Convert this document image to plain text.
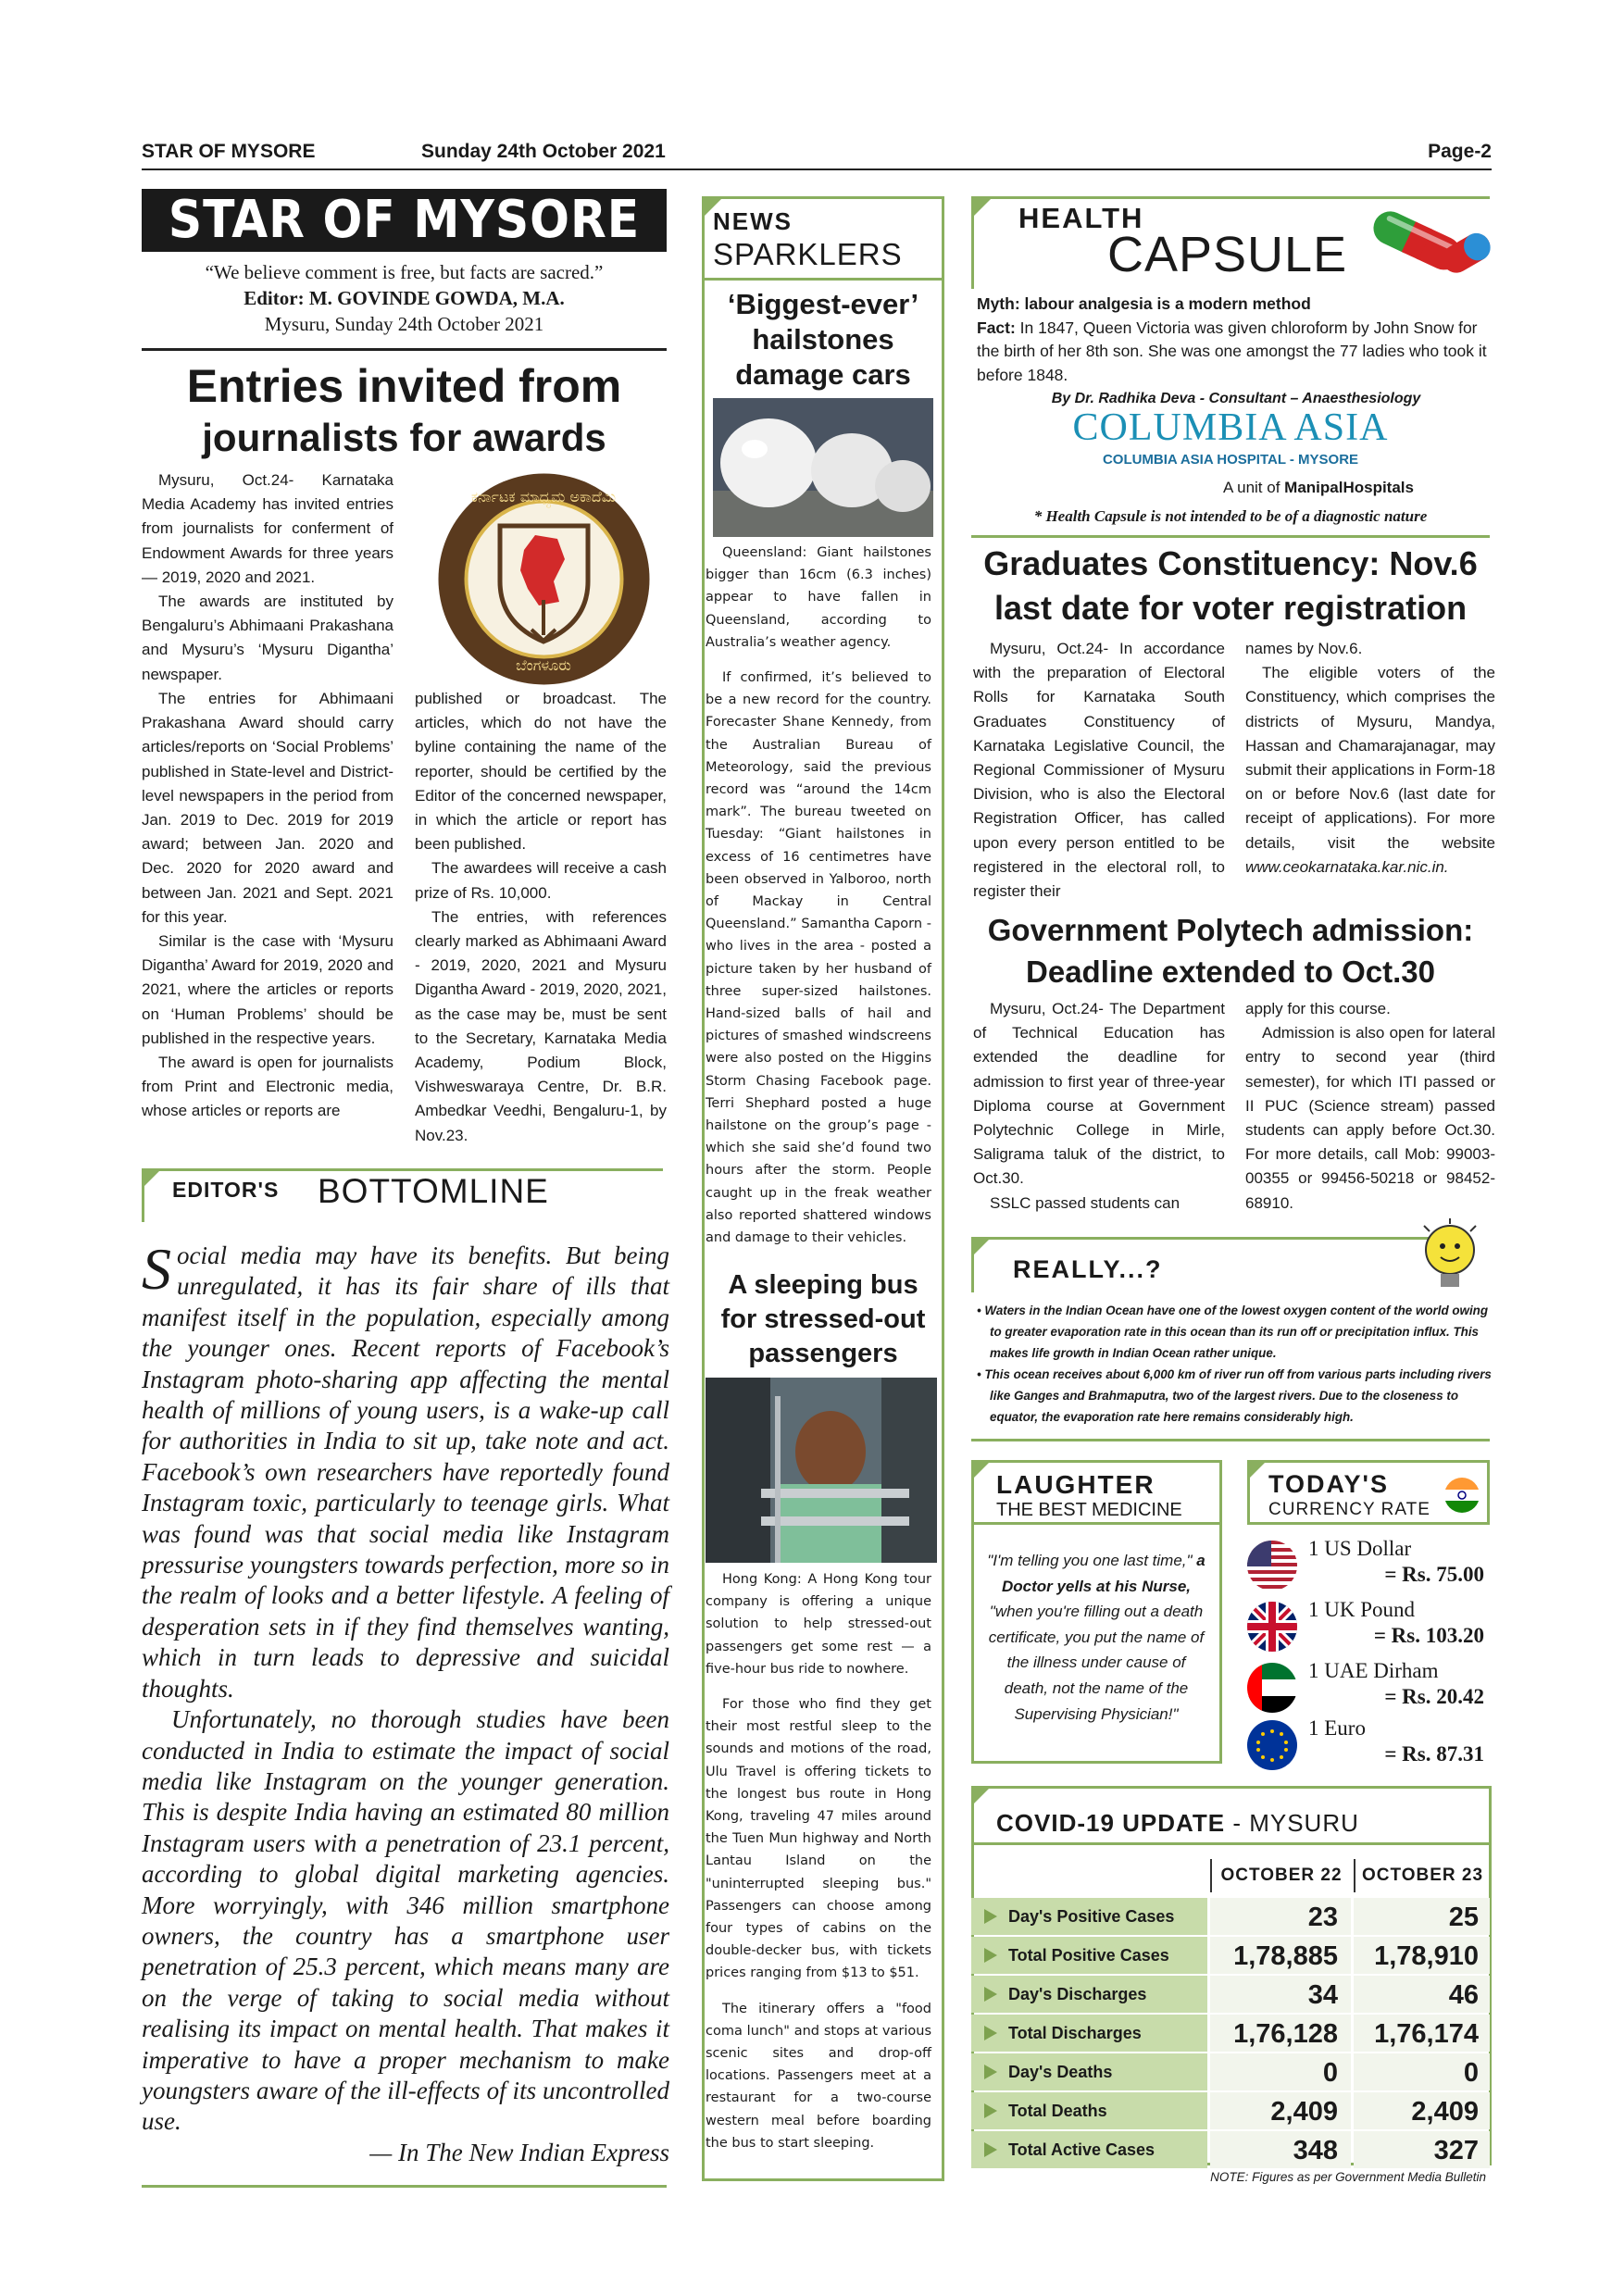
STAR OF MYSORE	Sunday 24th October 2021	Page-2
STAR OF MYSORE
“We believe comment is free, but facts are sacred.”
Editor: M. GOVINDE GOWDA, M.A.
Mysuru, Sunday 24th October 2021
Entries invited from
journalists for awards
ಕರ್ನಾಟಕ ಮಾಧ್ಯಮ ಅಕಾದೆಮಿ
ಬೆಂಗಳೂರು

Mysuru, Oct.24- Karnataka Media Academy has invited entries from journalists for conferment of Endowment Awards for three years — 2019, 2020 and 2021.

The awards are instituted by Bengaluru’s Abhimaani Prakashana and Mysuru’s ‘Mysuru Digantha’ newspaper.

The entries for Abhimaani Prakashana Award should carry articles/reports on ‘Social Problems’ published in State-level and District-level newspapers in the period from Jan. 2019 to Dec. 2019 for 2019 award; between Jan. 2020 and Dec. 2020 for 2020 award and between Jan. 2021 and Sept. 2021 for this year.

Similar is the case with ‘Mysuru Digantha’ Award for 2019, 2020 and 2021, where the articles or reports on ‘Human Problems’ should be published in the respective years.

The award is open for journalists from Print and Electronic media, whose articles or reports are

published or broadcast. The articles, which do not have the byline containing the name of the reporter, should be certified by the Editor of the concerned newspaper, in which the article or report has been published.

The awardees will receive a cash prize of Rs. 10,000.

The entries, with references clearly marked as Abhimaani Award - 2019, 2020, 2021 and Mysuru Digantha Award - 2019, 2020, 2021, as the case may be, must be sent to the Secretary, Karnataka Media Academy, Podium Block, Vishweswaraya Centre, Dr. B.R. Ambedkar Veedhi, Bengaluru-1, by Nov.23.

EDITOR'S BOTTOMLINE

Social media may have its benefits. But being unregulated, it has its fair share of ills that manifest itself in the population, especially among the younger ones. Recent reports of Facebook’s Instagram photo-sharing app affecting the mental health of millions of young users, is a wake-up call for authorities in India to sit up, take note and act. Facebook’s own researchers have reportedly found Instagram toxic, particularly to teenage girls. What was found was that social media like Instagram pressurise youngsters towards perfection, more so in the realm of looks and a better lifestyle. A feeling of desperation sets in if they find themselves wanting, which in turn leads to depressive and suicidal thoughts.

Unfortunately, no thorough studies have been conducted in India to estimate the impact of social media like Instagram on the younger generation. This is despite India having an estimated 80 million Instagram users with a penetration of 23.1 percent, according to global digital marketing agencies. More worryingly, with 346 million smartphone owners, the country has a smartphone user penetration of 25.3 percent, which means many are on the verge of taking to social media without realising its impact on mental health. That makes it imperative to have a proper mechanism to make youngsters aware of the ill-effects of its uncontrolled use.

— In The New Indian Express

NEWS
SPARKLERS
‘Biggest-ever’ hailstones damage cars

Queensland: Giant hailstones bigger than 16cm (6.3 inches) appear to have fallen in Queensland, according to Australia’s weather agency.

If confirmed, it’s believed to be a new record for the country. Forecaster Shane Kennedy, from the Australian Bureau of Meteorology, said the previous record was “around the 14cm mark”. The bureau tweeted on Tuesday: “Giant hailstones in excess of 16 centimetres have been observed in Yalboroo, north of Mackay in Central Queensland.” Samantha Caporn - who lives in the area - posted a picture taken by her husband of three super-sized hailstones. Hand-sized balls of hail and pictures of smashed windscreens were also posted on the Higgins Storm Chasing Facebook page. Terri Shephard posted a huge hailstone on the group’s page - which she said she’d found two hours after the storm. People caught up in the freak weather also reported shattered windows and damage to their vehicles.

A sleeping bus for stressed-out passengers

Hong Kong: A Hong Kong tour company is offering a unique solution to help stressed-out passengers get some rest — a five-hour bus ride to nowhere.

For those who find they get their most restful sleep to the sounds and motions of the road, Ulu Travel is offering tickets to the longest bus route in Hong Kong, traveling 47 miles around the Tuen Mun highway and North Lantau Island on the "uninterrupted sleeping bus." Passengers can choose among four types of cabins on the double-decker bus, with tickets prices ranging from $13 to $51.

The itinerary offers a "food coma lunch" and stops at various scenic sites and drop-off locations. Passengers meet at a restaurant for a two-course western meal before boarding the bus to start sleeping.

HEALTH
CAPSULE
Myth: labour analgesia is a modern method
Fact: In 1847, Queen Victoria was given chloroform by John Snow for the birth of her 8th son. She was one amongst the 77 ladies who took it before 1848.
By Dr. Radhika Deva - Consultant – Anaesthesiology
COLUMBIA ASIA
COLUMBIA ASIA HOSPITAL - MYSORE
A unit of ManipalHospitals
* Health Capsule is not intended to be of a diagnostic nature
Graduates Constituency: Nov.6
last date for voter registration

Mysuru, Oct.24- In accordance with the preparation of Electoral Rolls for Karnataka South Graduates Constituency of Karnataka Legislative Council, the Regional Commissioner of Mysuru Division, who is also the Electoral Registration Officer, has called upon every person entitled to be registered in the electoral roll, to register their

names by Nov.6.

The eligible voters of the Constituency, which comprises the districts of Mysuru, Mandya, Hassan and Chamarajanagar, may submit their applications in Form-18 on or before Nov.6 (last date for receipt of applications). For more details, visit the website www.ceokarnataka.kar.nic.in.

Government Polytech admission:
Deadline extended to Oct.30

Mysuru, Oct.24- The Department of Technical Education has extended the deadline for admission to first year of three-year Diploma course at Government Polytechnic College in Mirle, Saligrama taluk of the district, to Oct.30.

SSLC passed students can

apply for this course.

Admission is also open for lateral entry to second year (third semester), for which ITI passed or II PUC (Science stream) passed students can apply before Oct.30. For more details, call Mob: 99003-00355 or 99456-50218 or 98452-68910.

REALLY...?
• Waters in the Indian Ocean have one of the lowest oxygen content of the world owing to greater evaporation rate in this ocean than its run off or precipitation influx. This makes life growth in Indian Ocean rather unique.
• This ocean receives about 6,000 km of river run off from various parts including rivers like Ganges and Brahmaputra, two of the largest rivers. Due to the closeness to equator, the evaporation rate here remains considerably high.
LAUGHTER
THE BEST MEDICINE
"I'm telling you one last time," a Doctor yells at his Nurse, "when you're filling out a death certificate, you put the name of the illness under cause of death, not the name of the Supervising Physician!"
TODAY'S
CURRENCY RATE
1 US Dollar
= Rs. 75.00
1 UK Pound
= Rs. 103.20
1 UAE Dirham
= Rs. 20.42
1 Euro
= Rs. 87.31
COVID-19 UPDATE - MYSURU
OCTOBER 22	OCTOBER 23
Day's Positive Cases	23	25
Total Positive Cases	1,78,885	1,78,910
Day's Discharges	34	46
Total Discharges	1,76,128	1,76,174
Day's Deaths	0	0
Total Deaths	2,409	2,409
Total Active Cases	348	327
NOTE: Figures as per Government Media Bulletin
